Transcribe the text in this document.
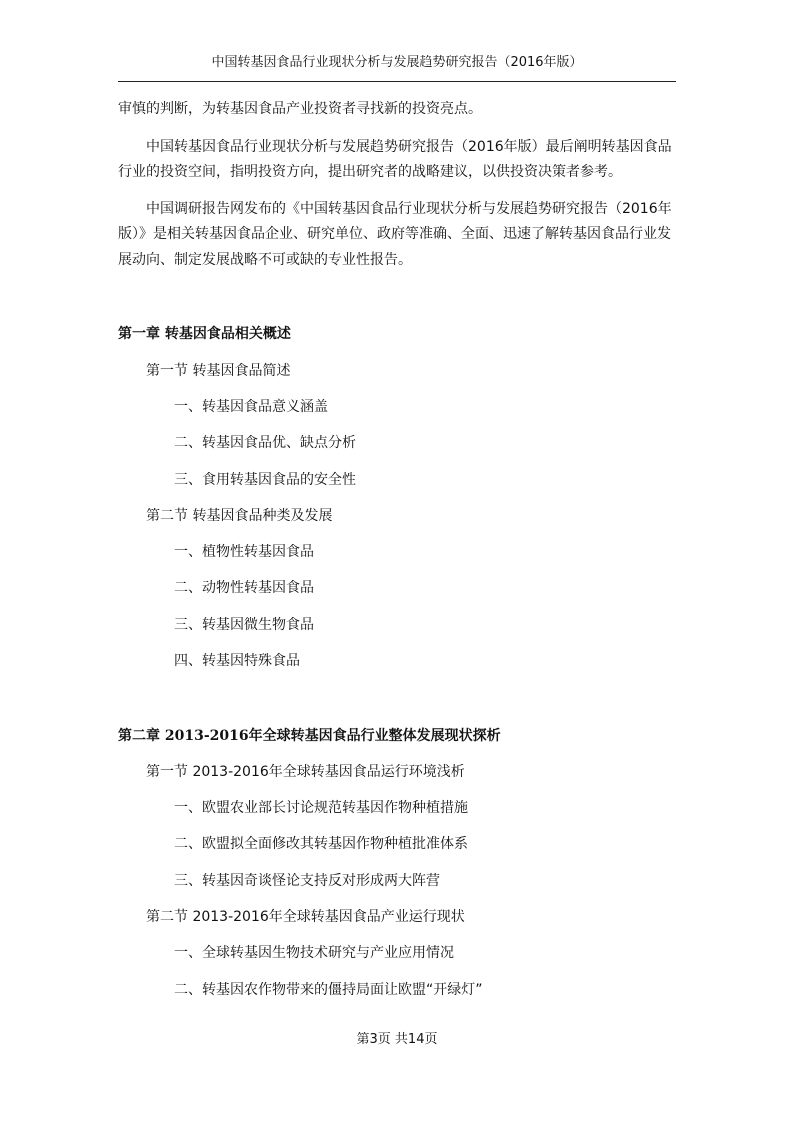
中国转基因食品行业现状分析与发展趋势研究报告（2016年版）
审慎的判断，为转基因食品产业投资者寻找新的投资亮点。
中国转基因食品行业现状分析与发展趋势研究报告（2016年版）最后阐明转基因食品
行业的投资空间，指明投资方向，提出研究者的战略建议，以供投资决策者参考。
中国调研报告网发布的《中国转基因食品行业现状分析与发展趋势研究报告（2016年
版）》是相关转基因食品企业、研究单位、政府等准确、全面、迅速了解转基因食品行业发
展动向、制定发展战略不可或缺的专业性报告。
第一章 转基因食品相关概述
第一节 转基因食品简述
一、转基因食品意义涵盖
二、转基因食品优、缺点分析
三、食用转基因食品的安全性
第二节 转基因食品种类及发展
一、植物性转基因食品
二、动物性转基因食品
三、转基因微生物食品
四、转基因特殊食品
第二章 2013-2016年全球转基因食品行业整体发展现状探析
第一节 2013-2016年全球转基因食品运行环境浅析
一、欧盟农业部长讨论规范转基因作物种植措施
二、欧盟拟全面修改其转基因作物种植批准体系
三、转基因奇谈怪论支持反对形成两大阵营
第二节 2013-2016年全球转基因食品产业运行现状
一、全球转基因生物技术研究与产业应用情况
二、转基因农作物带来的僵持局面让欧盟“开绿灯”
第3页 共14页
